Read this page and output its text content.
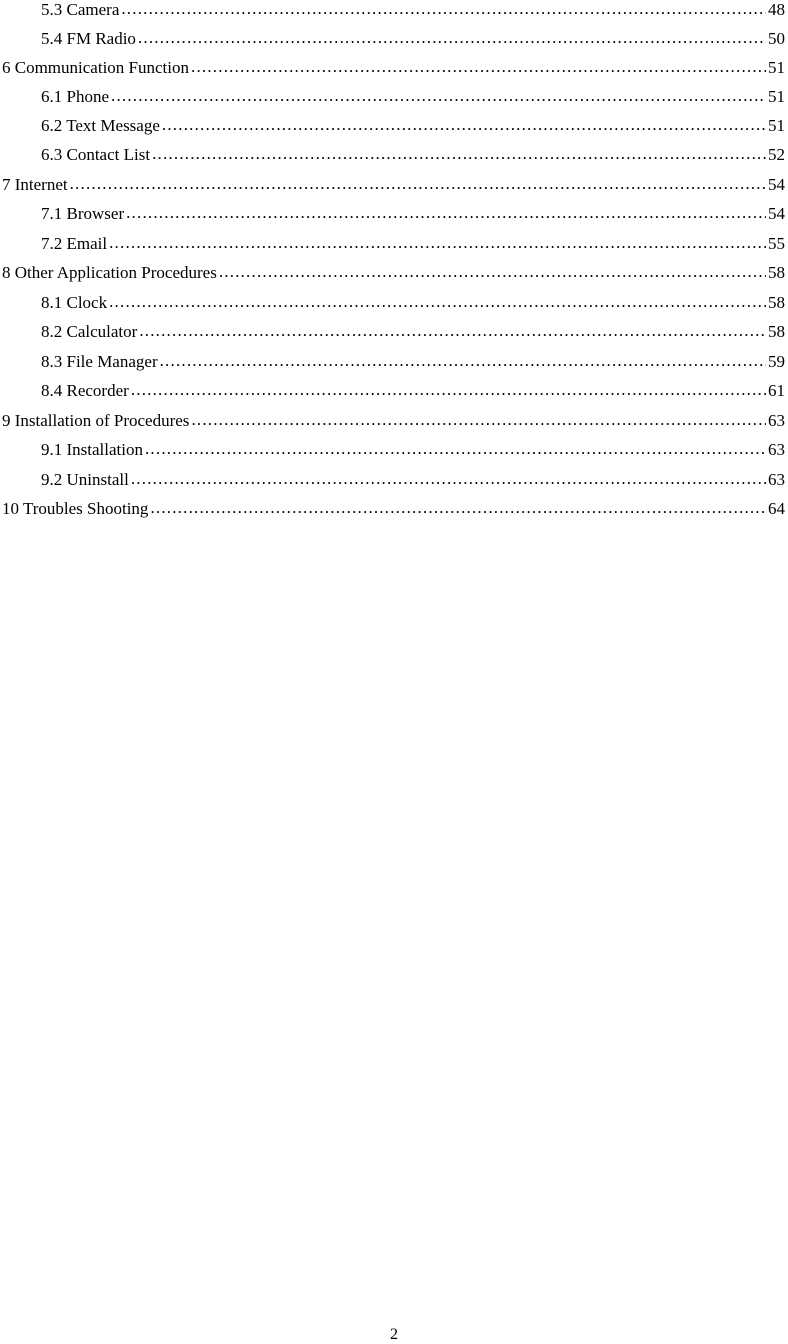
5.3 Camera .....	48
5.4 FM Radio .....	50
6 Communication Function .....	51
6.1 Phone .....	51
6.2 Text Message .....	51
6.3 Contact List .....	52
7 Internet .....	54
7.1 Browser .....	54
7.2 Email .....	55
8 Other Application Procedures .....	58
8.1 Clock .....	58
8.2 Calculator .....	58
8.3 File Manager .....	59
8.4 Recorder .....	61
9 Installation of Procedures .....	63
9.1 Installation .....	63
9.2 Uninstall .....	63
10 Troubles Shooting .....	64
2
